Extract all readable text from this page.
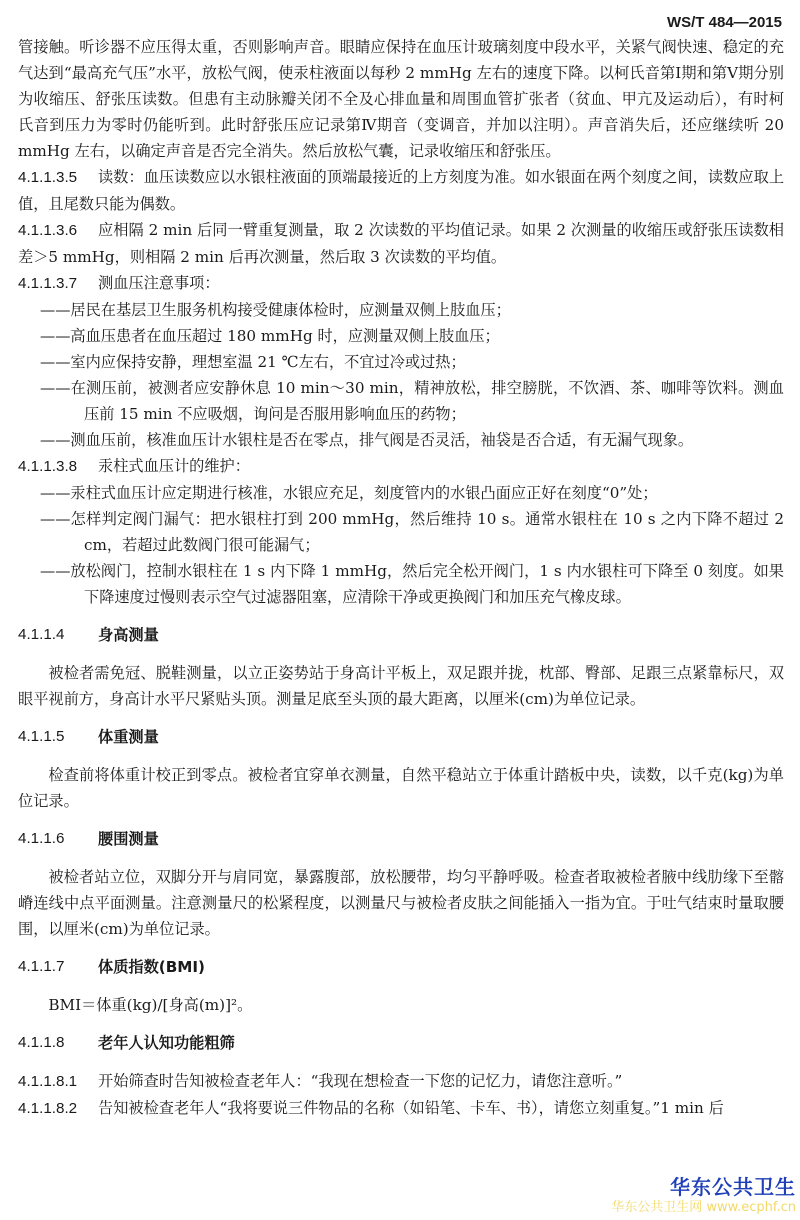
WS/T 484—2015

管接触。听诊器不应压得太重，否则影响声音。眼睛应保持在血压计玻璃刻度中段水平，关紧气阀快速、稳定的充气达到“最高充气压”水平，放松气阀，使汞柱液面以每秒 2 mmHg 左右的速度下降。以柯氏音第Ⅰ期和第Ⅴ期分别为收缩压、舒张压读数。但患有主动脉瓣关闭不全及心排血量和周围血管扩张者（贫血、甲亢及运动后），有时柯氏音到压力为零时仍能听到。此时舒张压应记录第Ⅳ期音（变调音，并加以注明）。声音消失后，还应继续听 20 mmHg 左右，以确定声音是否完全消失。然后放松气囊，记录收缩压和舒张压。

4.1.1.3.5 读数：血压读数应以水银柱液面的顶端最接近的上方刻度为准。如水银面在两个刻度之间，读数应取上值，且尾数只能为偶数。

4.1.1.3.6 应相隔 2 min 后同一臂重复测量，取 2 次读数的平均值记录。如果 2 次测量的收缩压或舒张压读数相差＞5 mmHg，则相隔 2 min 后再次测量，然后取 3 次读数的平均值。

4.1.1.3.7 测血压注意事项：

——居民在基层卫生服务机构接受健康体检时，应测量双侧上肢血压；

——高血压患者在血压超过 180 mmHg 时，应测量双侧上肢血压；

——室内应保持安静，理想室温 21 ℃左右，不宜过冷或过热；

——在测压前，被测者应安静休息 10 min～30 min，精神放松，排空膀胱，不饮酒、茶、咖啡等饮料。测血压前 15 min 不应吸烟，询问是否服用影响血压的药物；

——测血压前，核准血压计水银柱是否在零点，排气阀是否灵活，袖袋是否合适，有无漏气现象。

4.1.1.3.8 汞柱式血压计的维护：

——汞柱式血压计应定期进行核准，水银应充足，刻度管内的水银凸面应正好在刻度“0”处；

——怎样判定阀门漏气：把水银柱打到 200 mmHg，然后维持 10 s。通常水银柱在 10 s 之内下降不超过 2 cm，若超过此数阀门很可能漏气；

——放松阀门，控制水银柱在 1 s 内下降 1 mmHg，然后完全松开阀门，1 s 内水银柱可下降至 0 刻度。如果下降速度过慢则表示空气过滤器阻塞，应清除干净或更换阀门和加压充气橡皮球。

4.1.1.4	身高测量

被检者需免冠、脱鞋测量，以立正姿势站于身高计平板上，双足跟并拢，枕部、臀部、足跟三点紧靠标尺，双眼平视前方，身高计水平尺紧贴头顶。测量足底至头顶的最大距离，以厘米(cm)为单位记录。

4.1.1.5	体重测量

检查前将体重计校正到零点。被检者宜穿单衣测量，自然平稳站立于体重计踏板中央，读数，以千克(kg)为单位记录。

4.1.1.6	腰围测量

被检者站立位，双脚分开与肩同宽，暴露腹部，放松腰带，均匀平静呼吸。检查者取被检者腋中线肋缘下至髂嵴连线中点平面测量。注意测量尺的松紧程度，以测量尺与被检者皮肤之间能插入一指为宜。于吐气结束时量取腰围，以厘米(cm)为单位记录。

4.1.1.7	体质指数(BMI)

BMI＝体重(kg)/[身高(m)]²。

4.1.1.8	老年人认知功能粗筛

4.1.1.8.1 开始筛查时告知被检查老年人：“我现在想检查一下您的记忆力，请您注意听。”

4.1.1.8.2 告知被检查老年人“我将要说三件物品的名称（如铅笔、卡车、书），请您立刻重复。”1 min 后

华东公共卫生
华东公共卫生网 www.ecphf.cn
